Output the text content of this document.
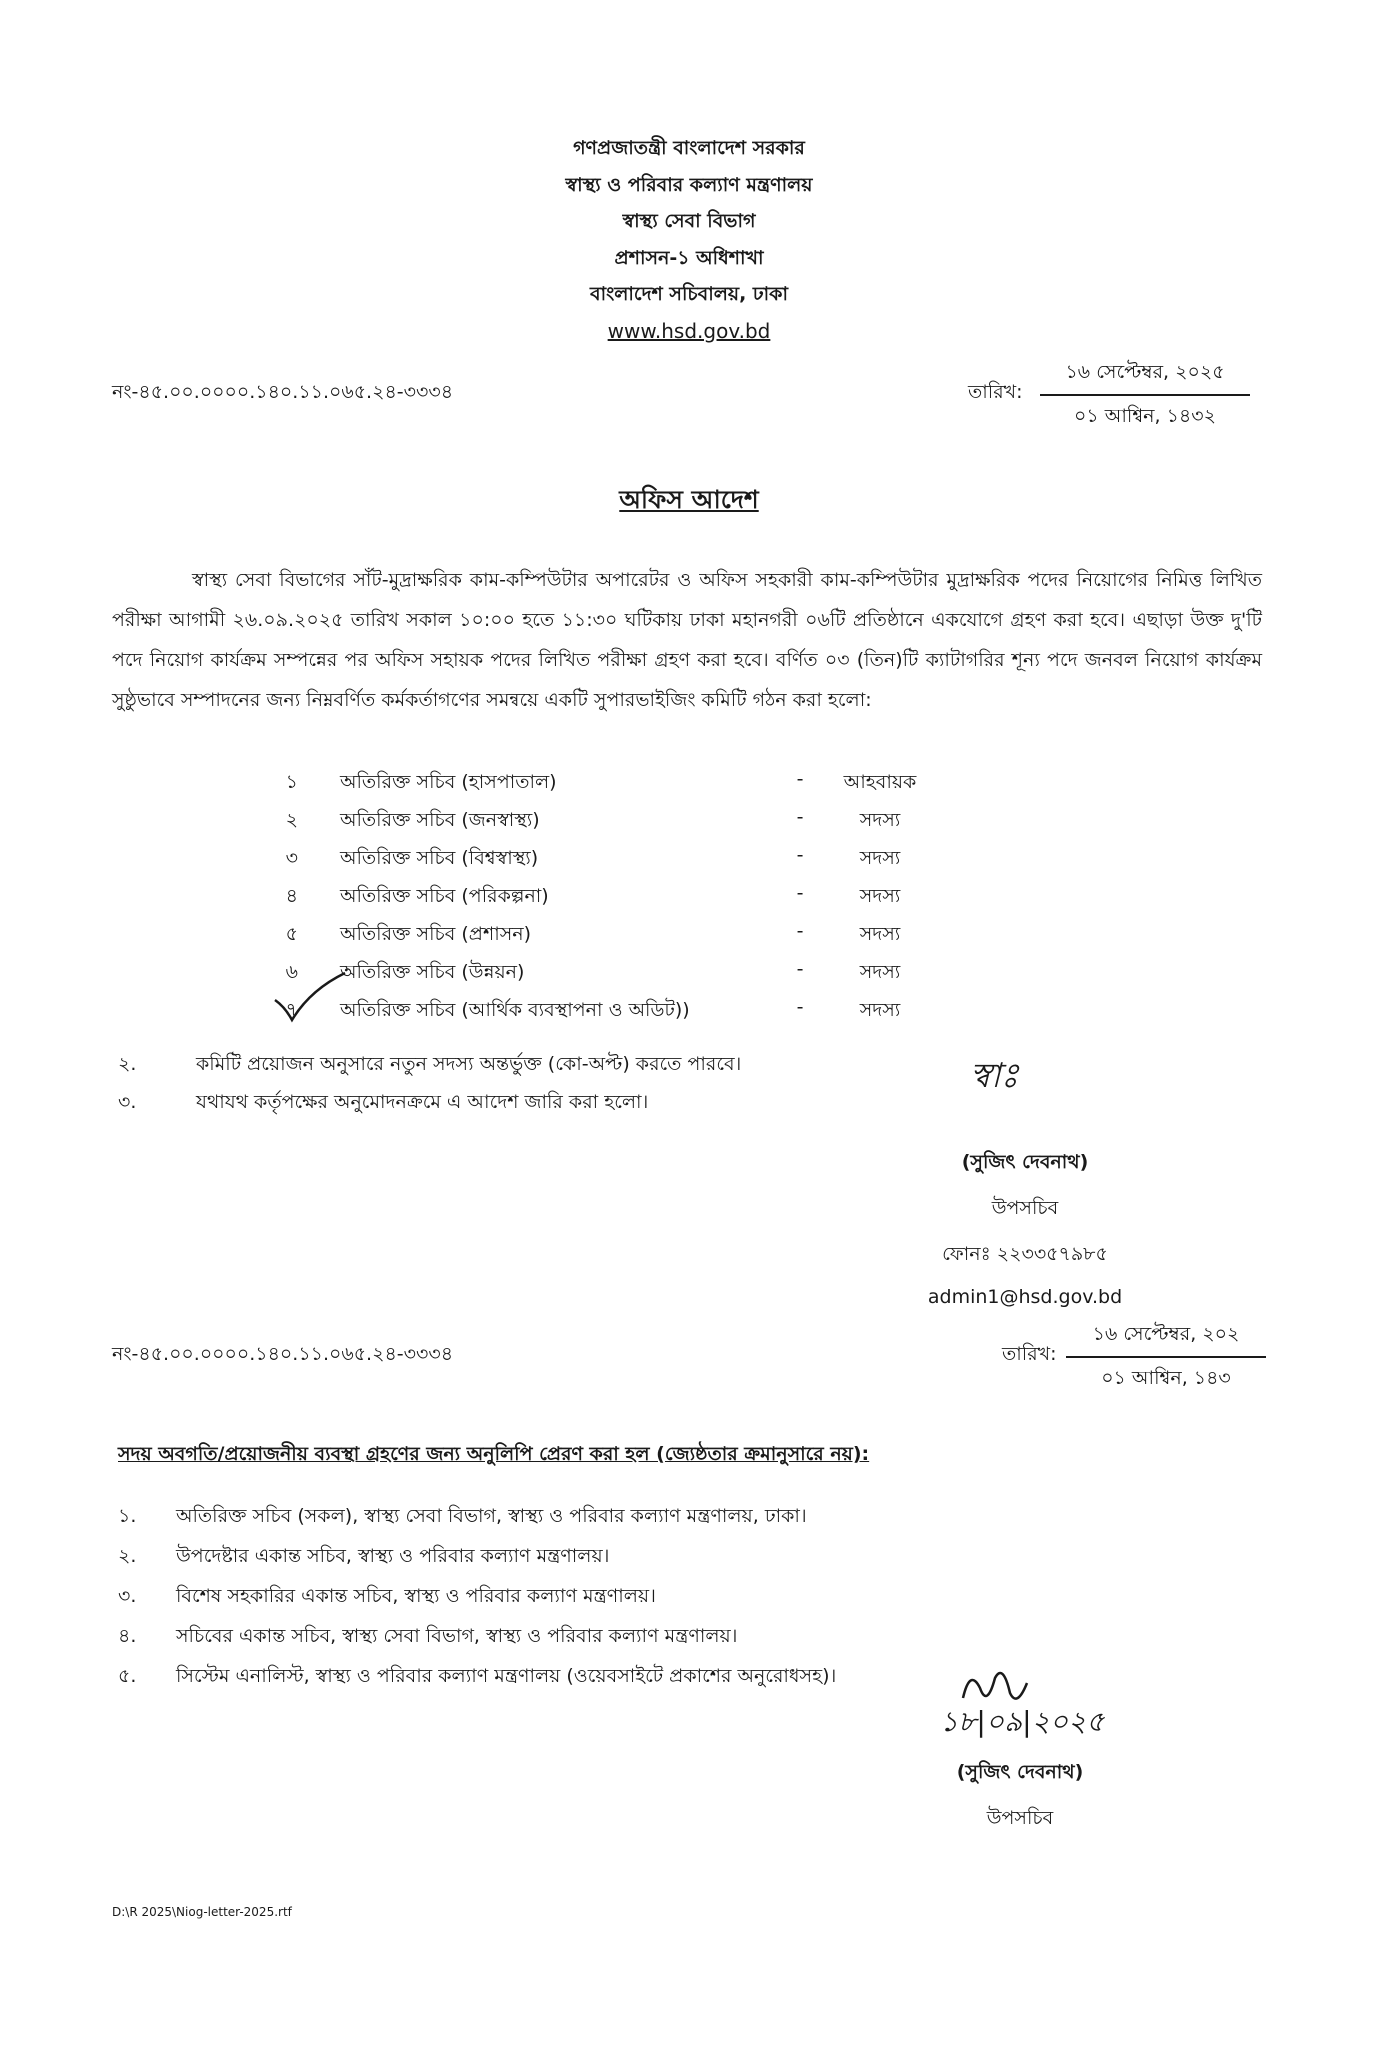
গণপ্রজাতন্ত্রী বাংলাদেশ সরকার
স্বাস্থ্য ও পরিবার কল্যাণ মন্ত্রণালয়
স্বাস্থ্য সেবা বিভাগ
প্রশাসন-১ অধিশাখা
বাংলাদেশ সচিবালয়, ঢাকা
www.hsd.gov.bd
নং-৪৫.০০.০০০০.১৪০.১১.০৬৫.২৪-৩৩৩৪	তারিখ:
১৬ সেপ্টেম্বর, ২০২৫
০১ আশ্বিন, ১৪৩২
অফিস আদেশ
স্বাস্থ্য সেবা বিভাগের সাঁট-মুদ্রাক্ষরিক কাম-কম্পিউটার অপারেটর ও অফিস সহকারী কাম-কম্পিউটার মুদ্রাক্ষরিক পদের নিয়োগের নিমিত্ত লিখিত পরীক্ষা আগামী ২৬.০৯.২০২৫ তারিখ সকাল ১০:০০ হতে ১১:৩০ ঘটিকায় ঢাকা মহানগরী ০৬টি প্রতিষ্ঠানে একযোগে গ্রহণ করা হবে। এছাড়া উক্ত দু'টি পদে নিয়োগ কার্যক্রম সম্পন্নের পর অফিস সহায়ক পদের লিখিত পরীক্ষা গ্রহণ করা হবে। বর্ণিত ০৩ (তিন)টি ক্যাটাগরির শূন্য পদে জনবল নিয়োগ কার্যক্রম সুষ্ঠুভাবে সম্পাদনের জন্য নিম্নবর্ণিত কর্মকর্তাগণের সমন্বয়ে একটি সুপারভাইজিং কমিটি গঠন করা হলো:
১ অতিরিক্ত সচিব (হাসপাতাল)	-	আহবায়ক
২ অতিরিক্ত সচিব (জনস্বাস্থ্য)	-	সদস্য
৩ অতিরিক্ত সচিব (বিশ্বস্বাস্থ্য)	-	সদস্য
৪ অতিরিক্ত সচিব (পরিকল্পনা)	-	সদস্য
৫ অতিরিক্ত সচিব (প্রশাসন)	-	সদস্য
৬ অতিরিক্ত সচিব (উন্নয়ন)	-	সদস্য
৭ অতিরিক্ত সচিব (আর্থিক ব্যবস্থাপনা ও অডিট))	-	সদস্য
২.	কমিটি প্রয়োজন অনুসারে নতুন সদস্য অন্তর্ভুক্ত (কো-অপ্ট) করতে পারবে।
৩.	যথাযথ কর্তৃপক্ষের অনুমোদনক্রমে এ আদেশ জারি করা হলো।
স্বাঃ
(সুজিৎ দেবনাথ)
উপসচিব
ফোনঃ ২২৩৩৫৭৯৮৫
admin1@hsd.gov.bd
নং-৪৫.০০.০০০০.১৪০.১১.০৬৫.২৪-৩৩৩৪	তারিখ:
১৬ সেপ্টেম্বর, ২০২
০১ আশ্বিন, ১৪৩
সদয় অবগতি/প্রয়োজনীয় ব্যবস্থা গ্রহণের জন্য অনুলিপি প্রেরণ করা হল (জ্যেষ্ঠতার ক্রমানুসারে নয়):
১. অতিরিক্ত সচিব (সকল), স্বাস্থ্য সেবা বিভাগ, স্বাস্থ্য ও পরিবার কল্যাণ মন্ত্রণালয়, ঢাকা।
২. উপদেষ্টার একান্ত সচিব, স্বাস্থ্য ও পরিবার কল্যাণ মন্ত্রণালয়।
৩. বিশেষ সহকারির একান্ত সচিব, স্বাস্থ্য ও পরিবার কল্যাণ মন্ত্রণালয়।
৪. সচিবের একান্ত সচিব, স্বাস্থ্য সেবা বিভাগ, স্বাস্থ্য ও পরিবার কল্যাণ মন্ত্রণালয়।
৫. সিস্টেম এনালিস্ট, স্বাস্থ্য ও পরিবার কল্যাণ মন্ত্রণালয় (ওয়েবসাইটে প্রকাশের অনুরোধসহ)।
১৮|০৯|২০২৫
(সুজিৎ দেবনাথ)
উপসচিব
D:\R 2025\Niog-letter-2025.rtf
